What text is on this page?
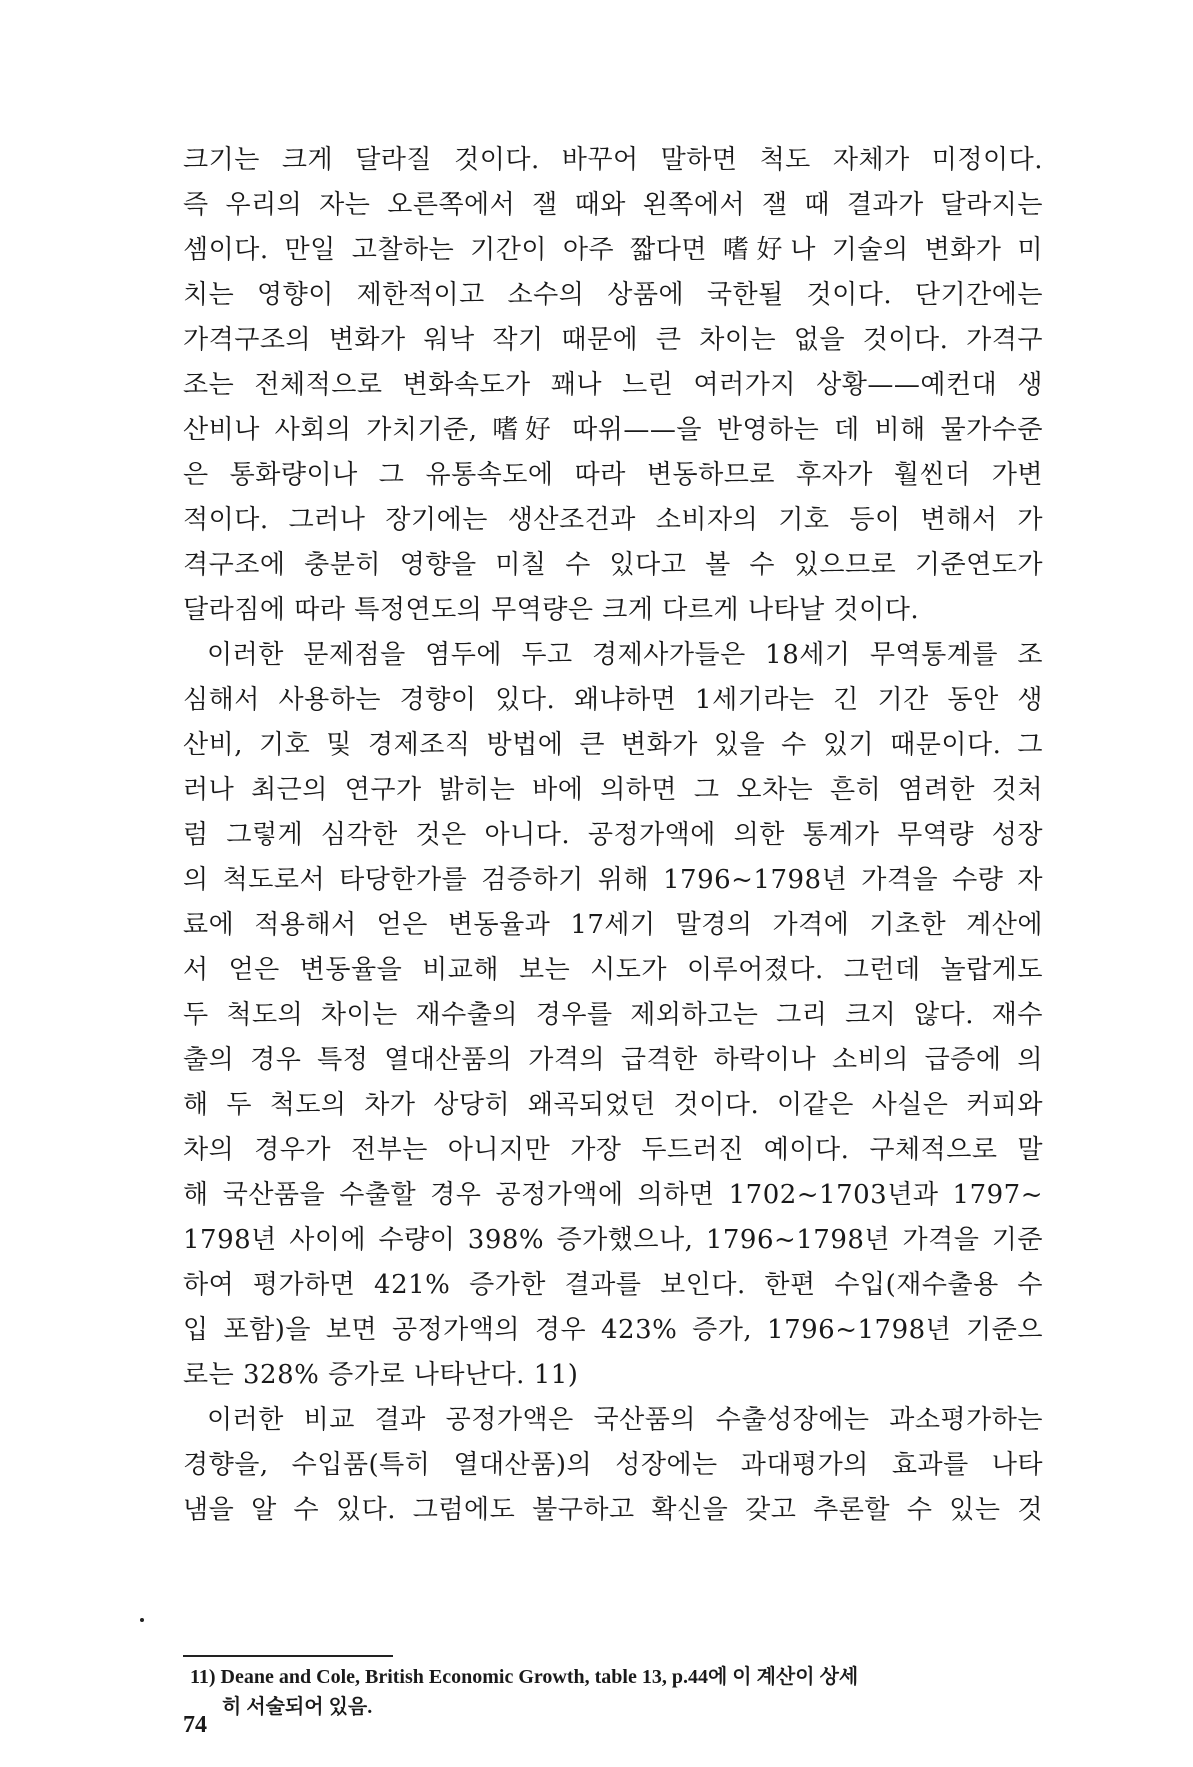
크기는 크게 달라질 것이다. 바꾸어 말하면 척도 자체가 미정이다.
즉 우리의 자는 오른쪽에서 잴 때와 왼쪽에서 잴 때 결과가 달라지는
셈이다. 만일 고찰하는 기간이 아주 짧다면 嗜好나 기술의 변화가 미
치는 영향이 제한적이고 소수의 상품에 국한될 것이다. 단기간에는
가격구조의 변화가 워낙 작기 때문에 큰 차이는 없을 것이다. 가격구
조는 전체적으로 변화속도가 꽤나 느린 여러가지 상황——예컨대 생
산비나 사회의 가치기준, 嗜好 따위——을 반영하는 데 비해 물가수준
은 통화량이나 그 유통속도에 따라 변동하므로 후자가 훨씬더 가변
적이다. 그러나 장기에는 생산조건과 소비자의 기호 등이 변해서 가
격구조에 충분히 영향을 미칠 수 있다고 볼 수 있으므로 기준연도가
달라짐에 따라 특정연도의 무역량은 크게 다르게 나타날 것이다.
이러한 문제점을 염두에 두고 경제사가들은 18세기 무역통계를 조
심해서 사용하는 경향이 있다. 왜냐하면 1세기라는 긴 기간 동안 생
산비, 기호 및 경제조직 방법에 큰 변화가 있을 수 있기 때문이다. 그
러나 최근의 연구가 밝히는 바에 의하면 그 오차는 흔히 염려한 것처
럼 그렇게 심각한 것은 아니다. 공정가액에 의한 통계가 무역량 성장
의 척도로서 타당한가를 검증하기 위해 1796~1798년 가격을 수량 자
료에 적용해서 얻은 변동율과 17세기 말경의 가격에 기초한 계산에
서 얻은 변동율을 비교해 보는 시도가 이루어졌다. 그런데 놀랍게도
두 척도의 차이는 재수출의 경우를 제외하고는 그리 크지 않다. 재수
출의 경우 특정 열대산품의 가격의 급격한 하락이나 소비의 급증에 의
해 두 척도의 차가 상당히 왜곡되었던 것이다. 이같은 사실은 커피와
차의 경우가 전부는 아니지만 가장 두드러진 예이다. 구체적으로 말
해 국산품을 수출할 경우 공정가액에 의하면 1702~1703년과 1797~
1798년 사이에 수량이 398% 증가했으나, 1796~1798년 가격을 기준
하여 평가하면 421% 증가한 결과를 보인다. 한편 수입(재수출용 수
입 포함)을 보면 공정가액의 경우 423% 증가, 1796~1798년 기준으
로는 328% 증가로 나타난다. 11)
이러한 비교 결과 공정가액은 국산품의 수출성장에는 과소평가하는
경향을, 수입품(특히 열대산품)의 성장에는 과대평가의 효과를 나타
냄을 알 수 있다. 그럼에도 불구하고 확신을 갖고 추론할 수 있는 것
11) Deane and Cole, British Economic Growth, table 13, p.44에 이 계산이 상세
히 서술되어 있음.
74
